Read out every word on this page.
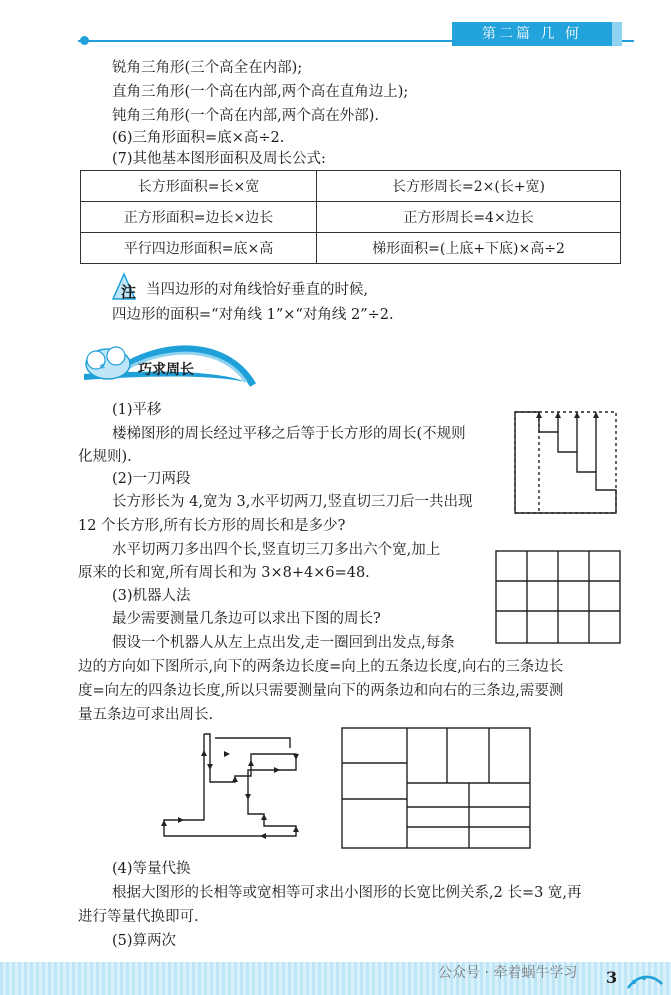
第二篇 几 何
锐角三角形(三个高全在内部);
直角三角形(一个高在内部,两个高在直角边上);
钝角三角形(一个高在内部,两个高在外部).
(6)三角形面积=底×高÷2.
(7)其他基本图形面积及周长公式:
长方形面积=长×宽	长方形周长=2×(长+宽)
正方形面积=边长×边长	正方形周长=4×边长
平行四边形面积=底×高	梯形面积=(上底+下底)×高÷2
注 当四边形的对角线恰好垂直的时候,
四边形的面积=“对角线 1”×“对角线 2”÷2.
✶ 巧求周长
(1)平移
楼梯图形的周长经过平移之后等于长方形的周长(不规则
化规则).
(2)一刀两段
长方形长为 4,宽为 3,水平切两刀,竖直切三刀后一共出现
12 个长方形,所有长方形的周长和是多少?
水平切两刀多出四个长,竖直切三刀多出六个宽,加上
原来的长和宽,所有周长和为 3×8+4×6=48.
(3)机器人法
最少需要测量几条边可以求出下图的周长?
假设一个机器人从左上点出发,走一圈回到出发点,每条
边的方向如下图所示,向下的两条边长度=向上的五条边长度,向右的三条边长
度=向左的四条边长度,所以只需要测量向下的两条边和向右的三条边,需要测
量五条边可求出周长.
(4)等量代换
根据大图形的长相等或宽相等可求出小图形的长宽比例关系,2 长=3 宽,再
进行等量代换即可.
(5)算两次
公众号 · 牵着蜗牛学习 3
